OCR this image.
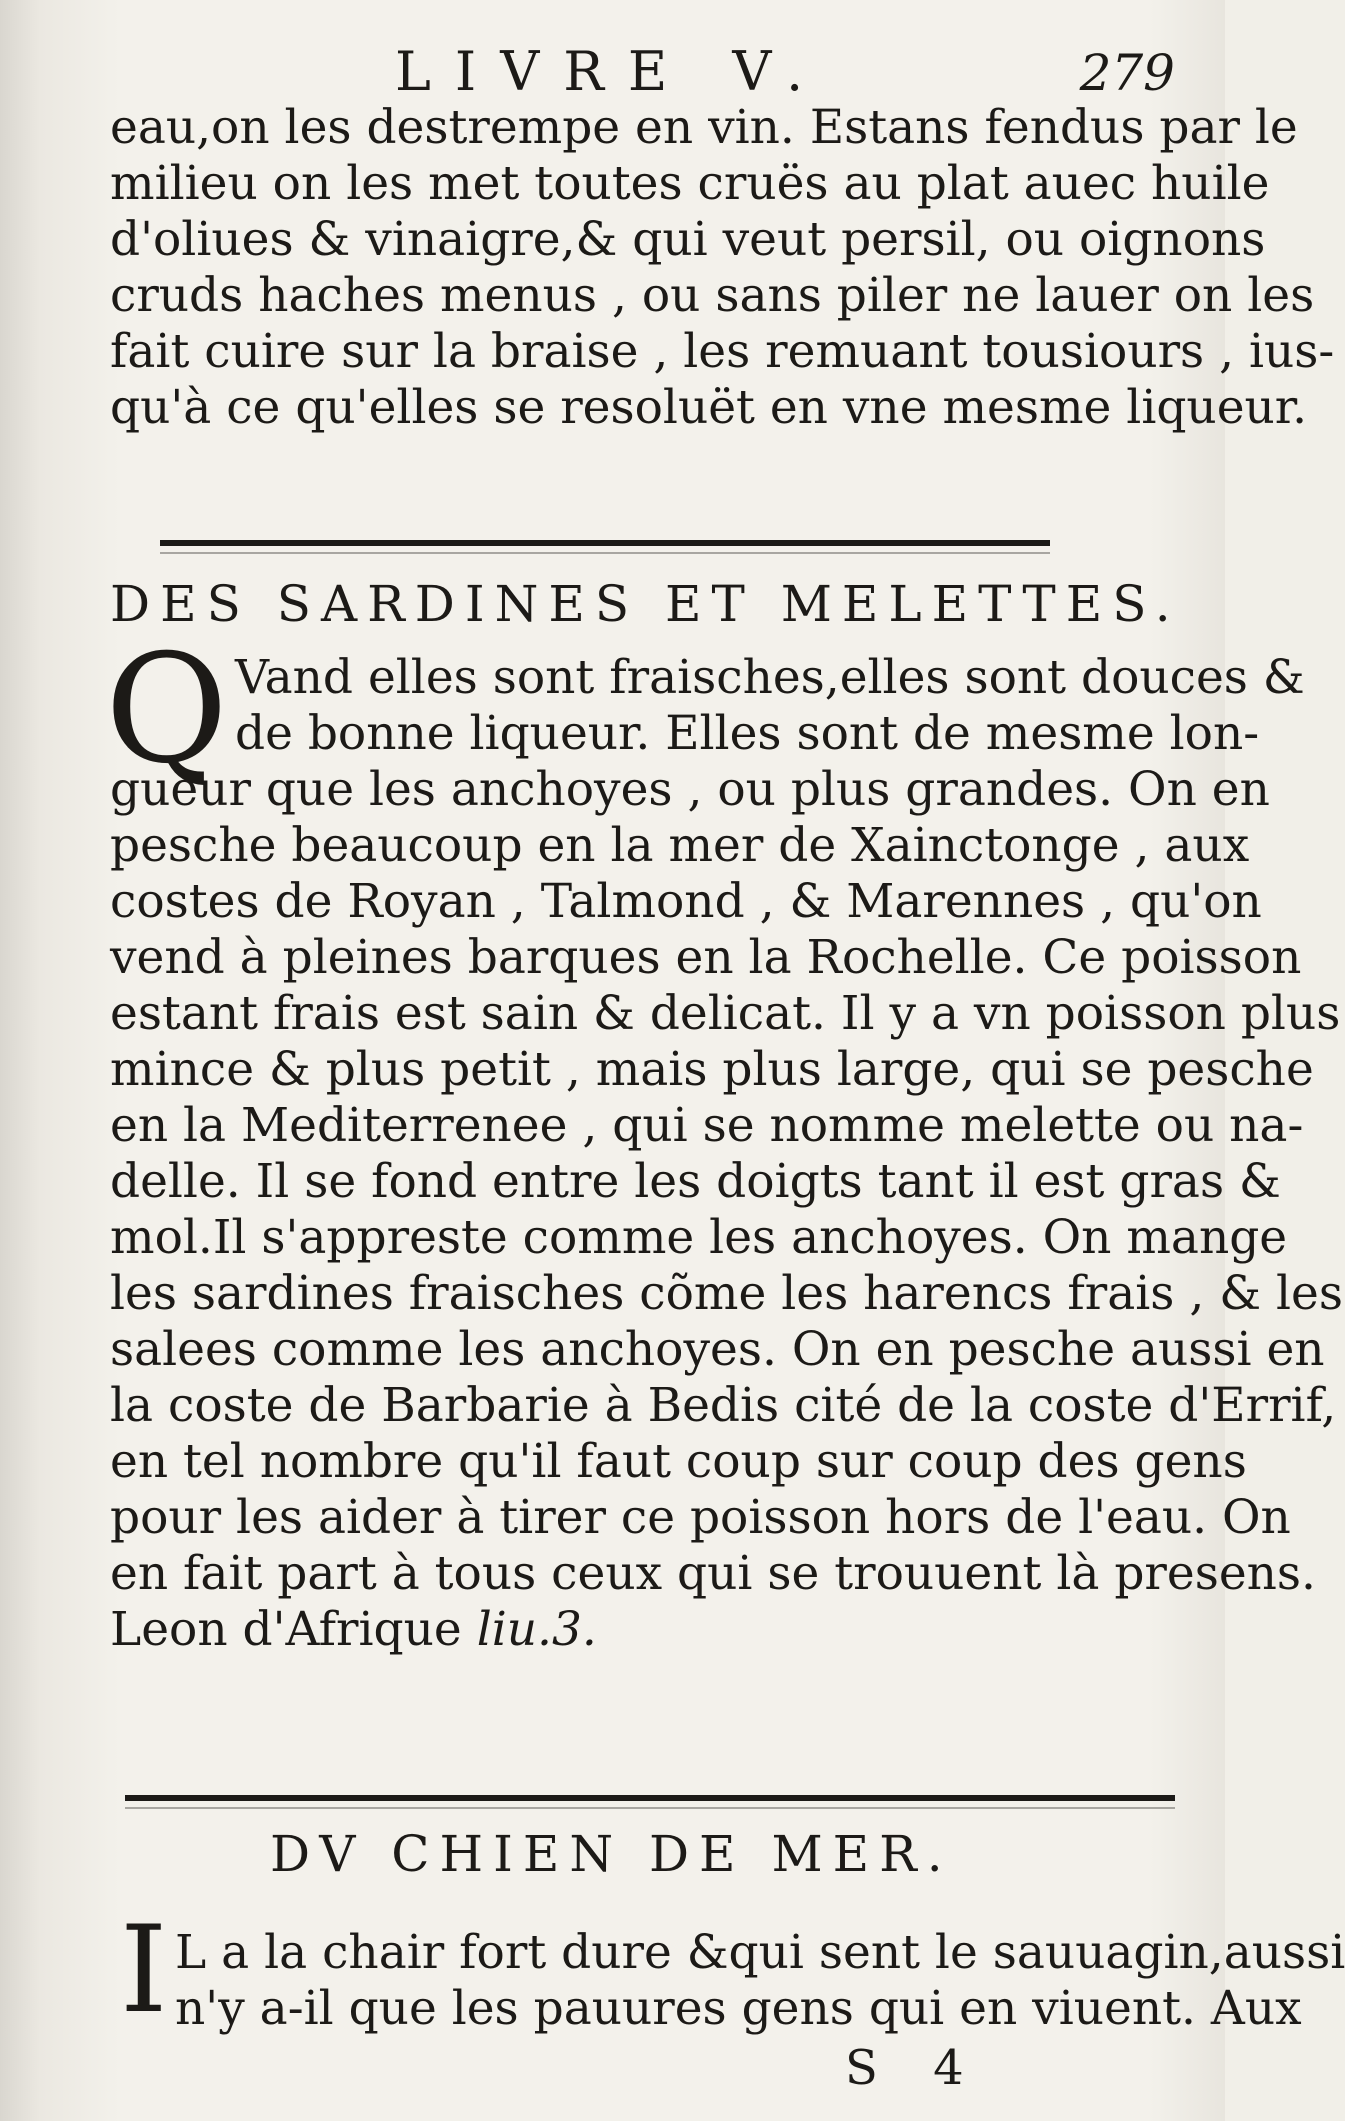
LIVRE V.	279
eau,on les destrempe en vin. Estans fendus par le
milieu on les met toutes cruës au plat auec huile
d'oliues & vinaigre,& qui veut persil, ou oignons
cruds haches menus , ou sans piler ne lauer on les
fait cuire sur la braise , les remuant tousiours , ius-
qu'à ce qu'elles se resoluët en vne mesme liqueur.
DES SARDINES ET MELETTES.
Q Vand elles sont fraisches,elles sont douces &
de bonne liqueur. Elles sont de mesme lon-
gueur que les anchoyes , ou plus grandes. On en
pesche beaucoup en la mer de Xainctonge , aux
costes de Royan , Talmond , & Marennes , qu'on
vend à pleines barques en la Rochelle. Ce poisson
estant frais est sain & delicat. Il y a vn poisson plus
mince & plus petit , mais plus large, qui se pesche
en la Mediterrenee , qui se nomme melette ou na-
delle. Il se fond entre les doigts tant il est gras &
mol.Il s'appreste comme les anchoyes. On mange
les sardines fraisches cõme les harencs frais , & les
salees comme les anchoyes. On en pesche aussi en
la coste de Barbarie à Bedis cité de la coste d'Errif,
en tel nombre qu'il faut coup sur coup des gens
pour les aider à tirer ce poisson hors de l'eau. On
en fait part à tous ceux qui se trouuent là presens.
Leon d'Afrique liu.3.
DV CHIEN DE MER.
I L a la chair fort dure &qui sent le sauuagin,aussi
n'y a-il que les pauures gens qui en viuent. Aux
S 4
